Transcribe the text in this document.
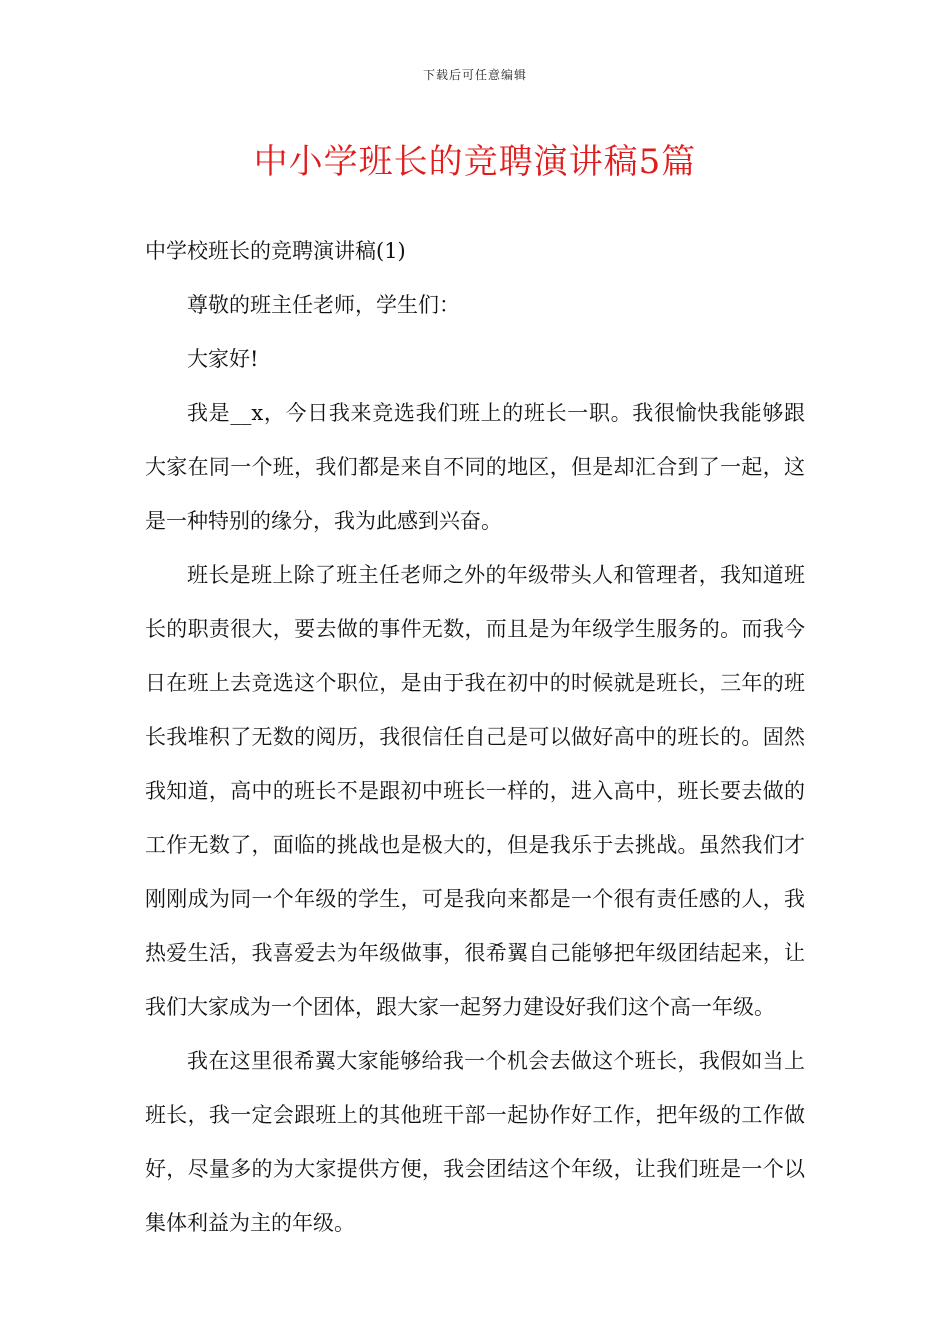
下载后可任意编辑
中小学班长的竞聘演讲稿5篇

中学校班长的竞聘演讲稿(1)

尊敬的班主任老师，学生们：

大家好!

我是__x，今日我来竞选我们班上的班长一职。我很愉快我能够跟大家在同一个班，我们都是来自不同的地区，但是却汇合到了一起，这是一种特别的缘分，我为此感到兴奋。

班长是班上除了班主任老师之外的年级带头人和管理者，我知道班长的职责很大，要去做的事件无数，而且是为年级学生服务的。而我今日在班上去竞选这个职位，是由于我在初中的时候就是班长，三年的班长我堆积了无数的阅历，我很信任自己是可以做好高中的班长的。固然我知道，高中的班长不是跟初中班长一样的，进入高中，班长要去做的工作无数了，面临的挑战也是极大的，但是我乐于去挑战。虽然我们才刚刚成为同一个年级的学生，可是我向来都是一个很有责任感的人，我热爱生活，我喜爱去为年级做事，很希翼自己能够把年级团结起来，让我们大家成为一个团体，跟大家一起努力建设好我们这个高一年级。

我在这里很希翼大家能够给我一个机会去做这个班长，我假如当上班长，我一定会跟班上的其他班干部一起协作好工作，把年级的工作做好，尽量多的为大家提供方便，我会团结这个年级，让我们班是一个以集体利益为主的年级。
